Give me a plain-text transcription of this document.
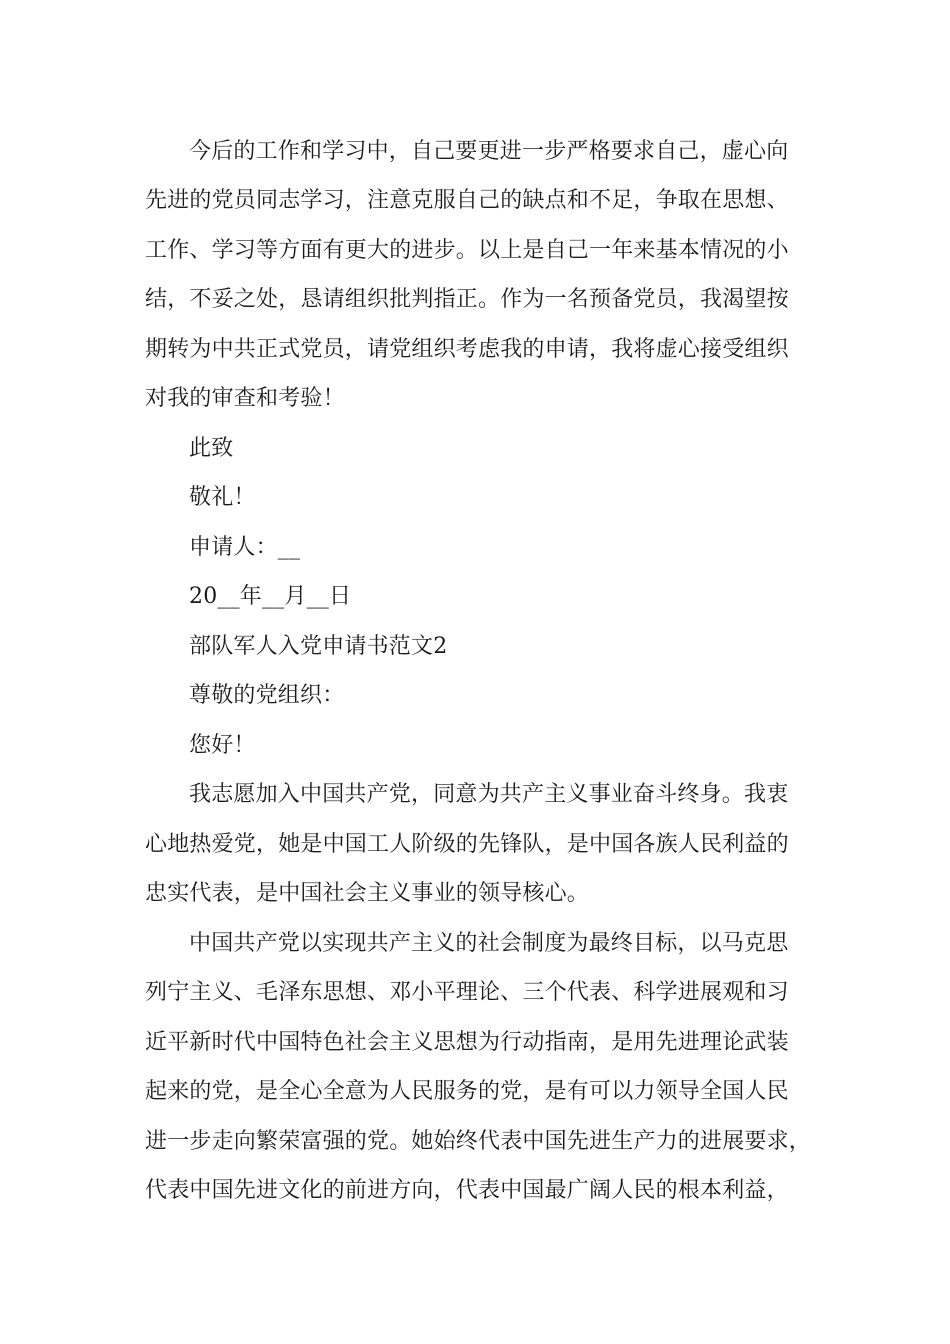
今后的工作和学习中，自己要更进一步严格要求自己，虚心向
先进的党员同志学习，注意克服自己的缺点和不足，争取在思想、
工作、学习等方面有更大的进步。以上是自己一年来基本情况的小
结，不妥之处，恳请组织批判指正。作为一名预备党员，我渴望按
期转为中共正式党员，请党组织考虑我的申请，我将虚心接受组织
对我的审查和考验！
此致
敬礼！
申请人：__
20__年__月__日
部队军人入党申请书范文2
尊敬的党组织：
您好！
我志愿加入中国共产党，同意为共产主义事业奋斗终身。我衷
心地热爱党，她是中国工人阶级的先锋队，是中国各族人民利益的
忠实代表，是中国社会主义事业的领导核心。
中国共产党以实现共产主义的社会制度为最终目标，以马克思
列宁主义、毛泽东思想、邓小平理论、三个代表、科学进展观和习
近平新时代中国特色社会主义思想为行动指南，是用先进理论武装
起来的党，是全心全意为人民服务的党，是有可以力领导全国人民
进一步走向繁荣富强的党。她始终代表中国先进生产力的进展要求，
代表中国先进文化的前进方向，代表中国最广阔人民的根本利益，
